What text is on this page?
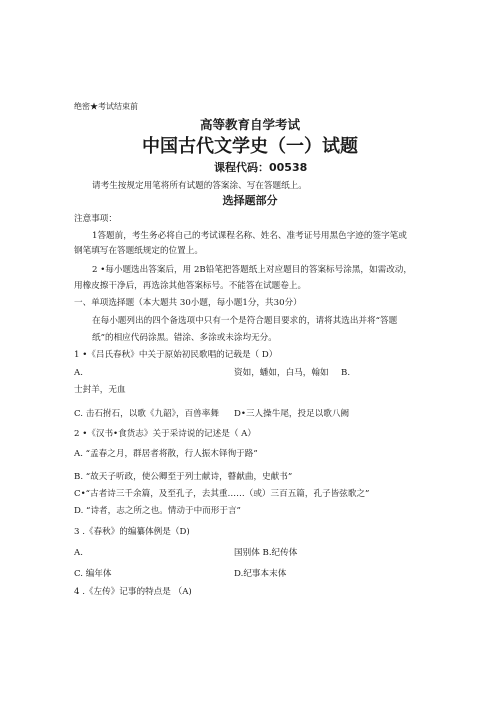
绝密★考试结束前
高等教育自学考试
中国古代文学史（一）试题
课程代码：00538
请考生按规定用笔将所有试题的答案涂、写在答题纸上。
选择题部分
注意事项：
1答题前，考生务必将自己的考试课程名称、姓名、准考证号用黑色字迹的签字笔或
钢笔填写在答题纸规定的位置上。
2 •每小题选出答案后，用 2B铅笔把答题纸上对应题目的答案标号涂黑，如需改动，
用橡皮擦干净后，再选涂其他答案标号。不能答在试题卷上。
一、单项选择题（本大题共 30小题，每小题1分，共30分）
在每小题列出的四个备选项中只有一个是符合题目要求的，请将其选出并将“答题
纸”的相应代码涂黑。错涂、多涂或未涂均无分。
1 •《吕氏春秋》中关于原始初民歌唱的记载是（ D）
A.	资如，蟠如，白马，翰如 B.
士封羊，无血
C. 击石拊石，以歌《九韶》，百兽率舞 D•三人操牛尾，投足以歌八阙
2 •《汉书•食货志》关于采诗说的记述是（ A）
A. “孟春之月，群居者将散，行人振木铎徇于路”
B. “故天子听政，使公卿至于列士献诗，瞽献曲，史献书”
C•“古者诗三千余篇，及至孔子，去其重……（或）三百五篇，孔子皆弦歌之”
D. “诗者，志之所之也。情动于中而形于言”
3 .《春秋》的编纂体例是（D)
A.	国别体 B.纪传体
C. 编年体	D.纪事本末体
4 .《左传》记事的特点是 （A)
